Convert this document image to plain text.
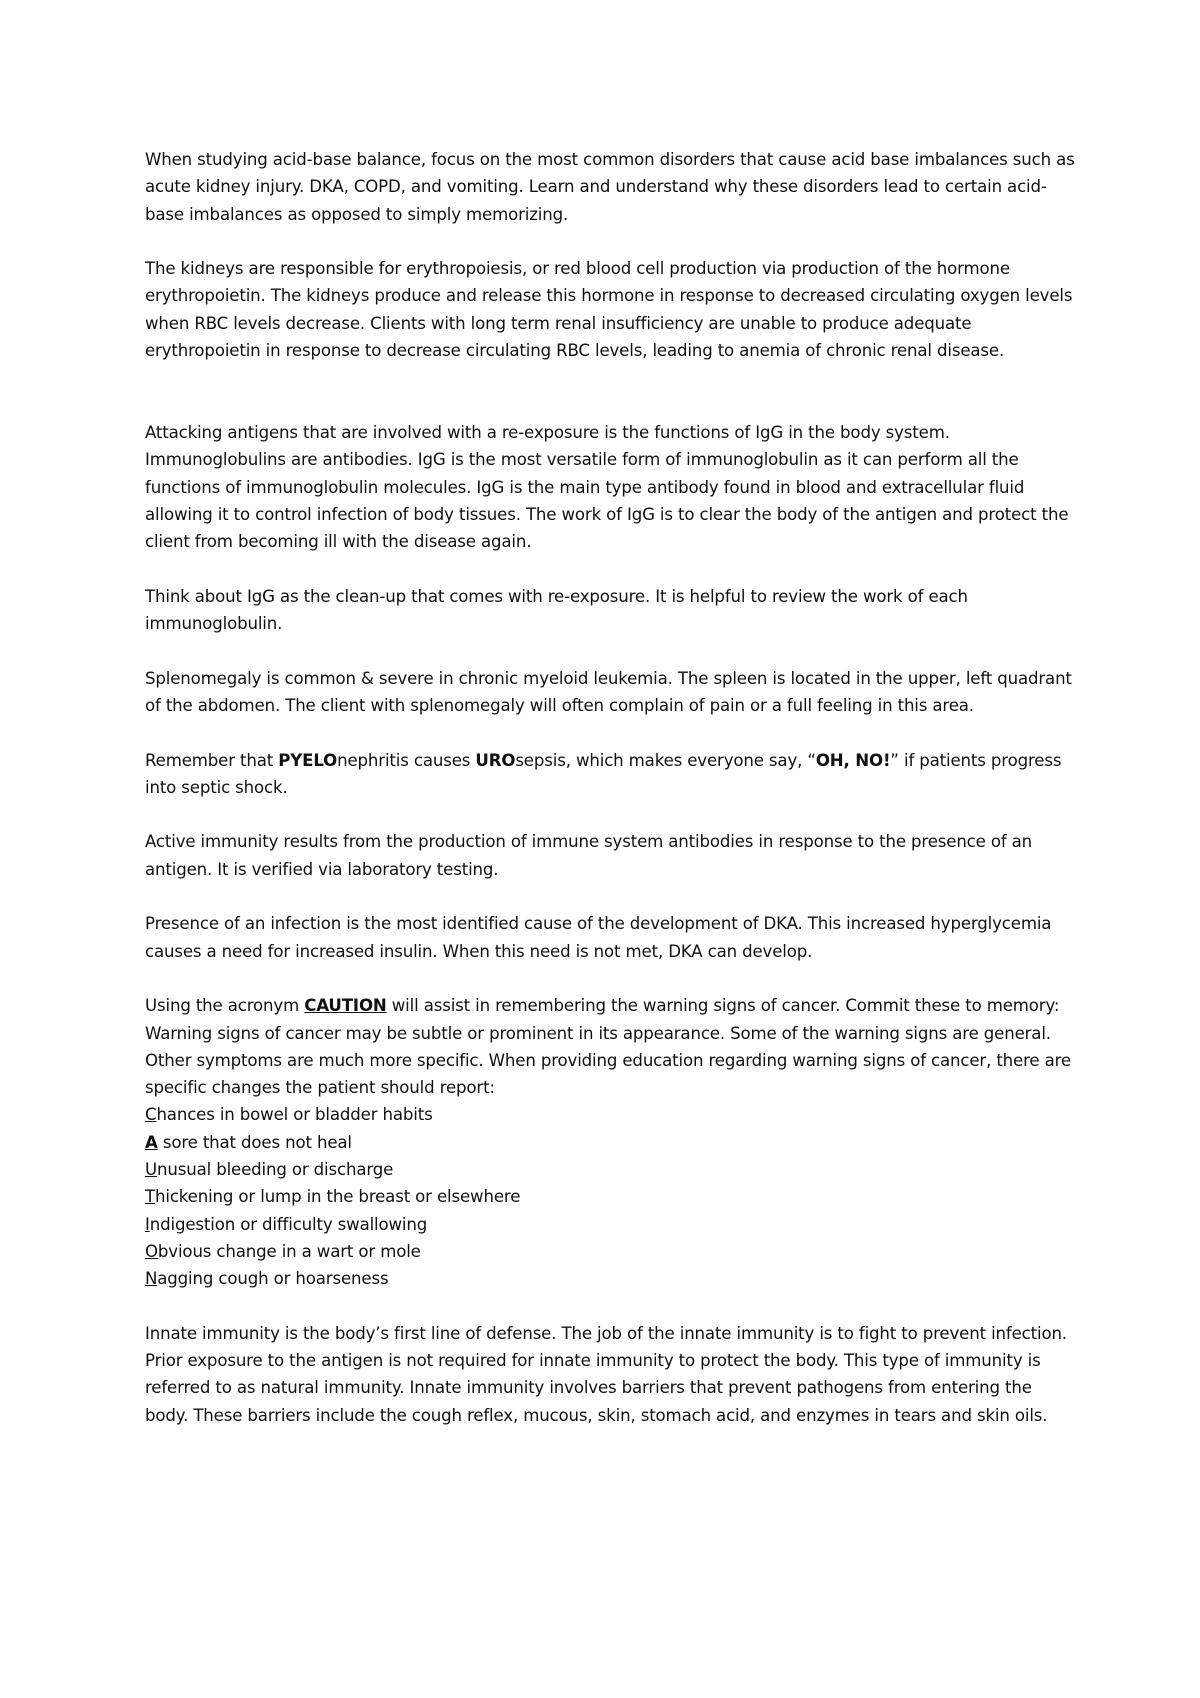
When studying acid-base balance, focus on the most common disorders that cause acid base imbalances such as acute kidney injury. DKA, COPD, and vomiting. Learn and understand why these disorders lead to certain acid-base imbalances as opposed to simply memorizing.

The kidneys are responsible for erythropoiesis, or red blood cell production via production of the hormone erythropoietin. The kidneys produce and release this hormone in response to decreased circulating oxygen levels when RBC levels decrease. Clients with long term renal insufficiency are unable to produce adequate erythropoietin in response to decrease circulating RBC levels, leading to anemia of chronic renal disease.

Attacking antigens that are involved with a re-exposure is the functions of IgG in the body system. Immunoglobulins are antibodies. IgG is the most versatile form of immunoglobulin as it can perform all the functions of immunoglobulin molecules. IgG is the main type antibody found in blood and extracellular fluid allowing it to control infection of body tissues. The work of IgG is to clear the body of the antigen and protect the client from becoming ill with the disease again.

Think about IgG as the clean-up that comes with re-exposure. It is helpful to review the work of each immunoglobulin.

Splenomegaly is common & severe in chronic myeloid leukemia. The spleen is located in the upper, left quadrant of the abdomen. The client with splenomegaly will often complain of pain or a full feeling in this area.

Remember that PYELOnephritis causes UROsepsis, which makes everyone say, “OH, NO!” if patients progress into septic shock.

Active immunity results from the production of immune system antibodies in response to the presence of an antigen. It is verified via laboratory testing.

Presence of an infection is the most identified cause of the development of DKA. This increased hyperglycemia causes a need for increased insulin. When this need is not met, DKA can develop.

Using the acronym CAUTION will assist in remembering the warning signs of cancer. Commit these to memory:

Warning signs of cancer may be subtle or prominent in its appearance. Some of the warning signs are general. Other symptoms are much more specific. When providing education regarding warning signs of cancer, there are specific changes the patient should report:

Chances in bowel or bladder habits
A sore that does not heal
Unusual bleeding or discharge
Thickening or lump in the breast or elsewhere
Indigestion or difficulty swallowing
Obvious change in a wart or mole
Nagging cough or hoarseness

Innate immunity is the body’s first line of defense. The job of the innate immunity is to fight to prevent infection. Prior exposure to the antigen is not required for innate immunity to protect the body. This type of immunity is referred to as natural immunity. Innate immunity involves barriers that prevent pathogens from entering the body. These barriers include the cough reflex, mucous, skin, stomach acid, and enzymes in tears and skin oils.
